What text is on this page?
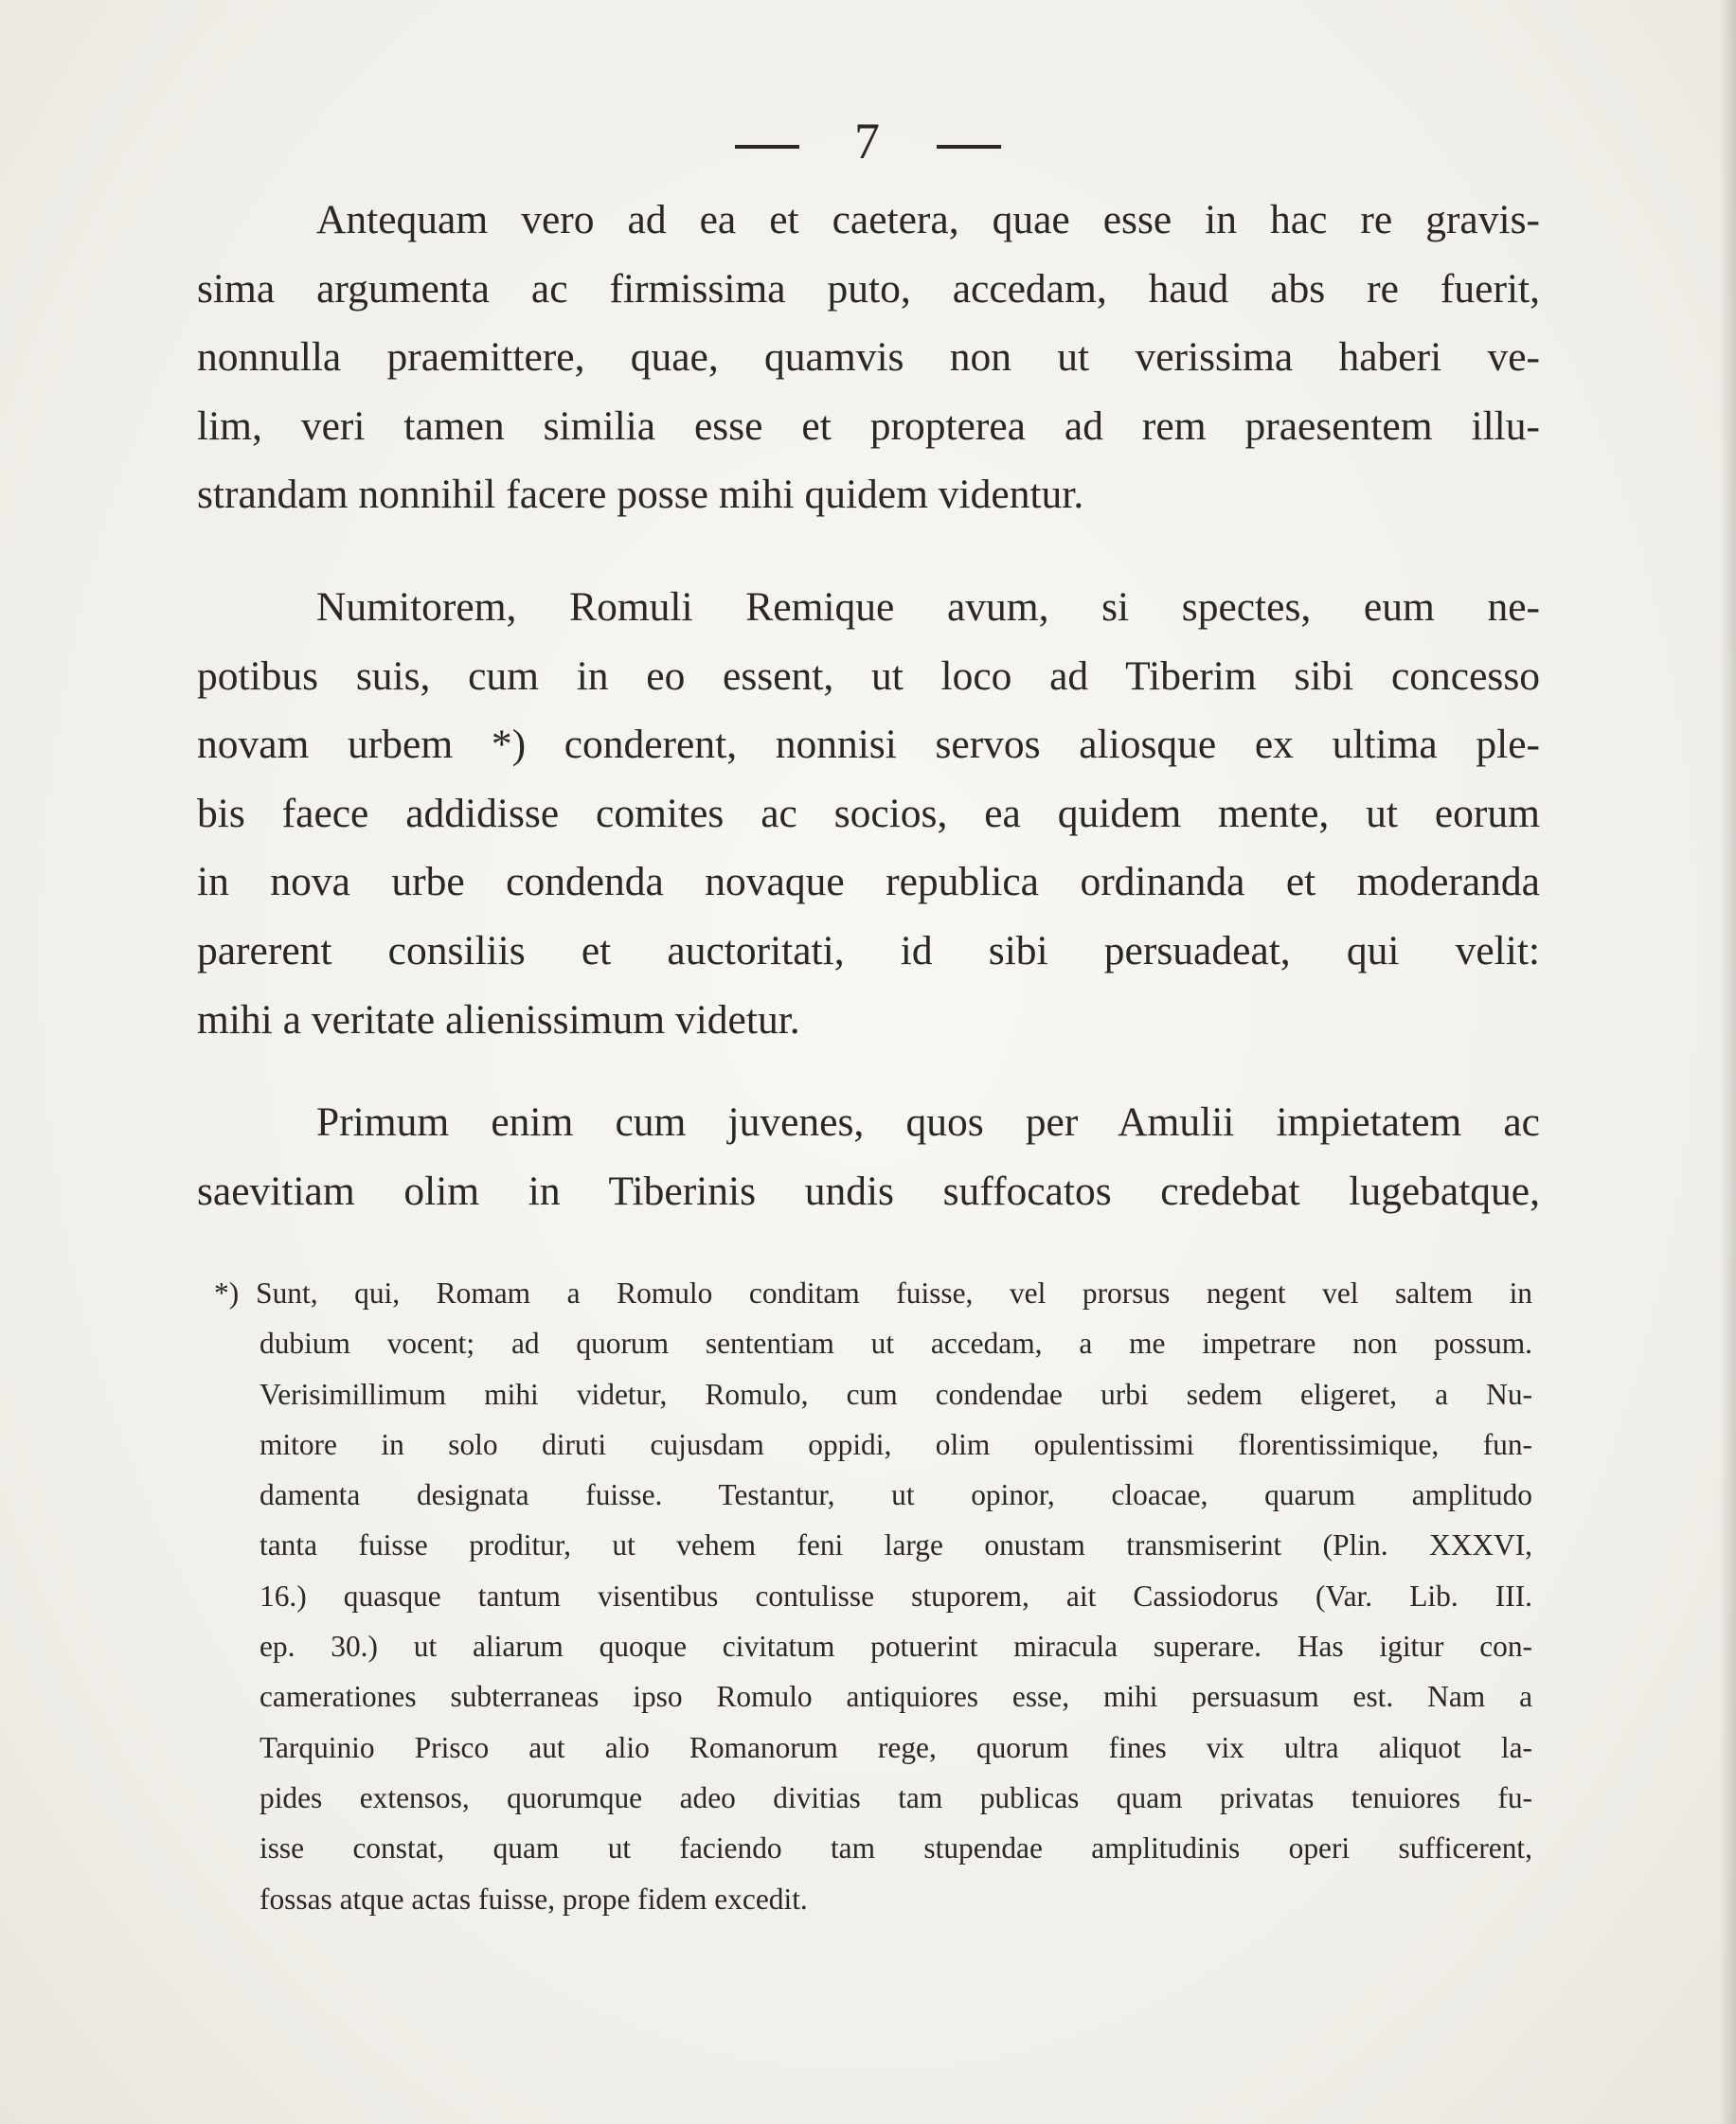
7
Antequam vero ad ea et caetera, quae esse in hac re gravis-
sima argumenta ac firmissima puto, accedam, haud abs re fuerit,
nonnulla praemittere, quae, quamvis non ut verissima haberi ve-
lim, veri tamen similia esse et propterea ad rem praesentem illu-
strandam nonnihil facere posse mihi quidem videntur.
Numitorem, Romuli Remique avum, si spectes, eum ne-
potibus suis, cum in eo essent, ut loco ad Tiberim sibi concesso
novam urbem *) conderent, nonnisi servos aliosque ex ultima ple-
bis faece addidisse comites ac socios, ea quidem mente, ut eorum
in nova urbe condenda novaque republica ordinanda et moderanda
parerent consiliis et auctoritati, id sibi persuadeat, qui velit:
mihi a veritate alienissimum videtur.
Primum enim cum juvenes, quos per Amulii impietatem ac
saevitiam olim in Tiberinis undis suffocatos credebat lugebatque,
*) Sunt, qui, Romam a Romulo conditam fuisse, vel prorsus negent vel saltem in
dubium vocent; ad quorum sententiam ut accedam, a me impetrare non possum.
Verisimillimum mihi videtur, Romulo, cum condendae urbi sedem eligeret, a Nu-
mitore in solo diruti cujusdam oppidi, olim opulentissimi florentissimique, fun-
damenta designata fuisse. Testantur, ut opinor, cloacae, quarum amplitudo
tanta fuisse proditur, ut vehem feni large onustam transmiserint (Plin. XXXVI,
16.) quasque tantum visentibus contulisse stuporem, ait Cassiodorus (Var. Lib. III.
ep. 30.) ut aliarum quoque civitatum potuerint miracula superare. Has igitur con-
camerationes subterraneas ipso Romulo antiquiores esse, mihi persuasum est. Nam a
Tarquinio Prisco aut alio Romanorum rege, quorum fines vix ultra aliquot la-
pides extensos, quorumque adeo divitias tam publicas quam privatas tenuiores fu-
isse constat, quam ut faciendo tam stupendae amplitudinis operi sufficerent,
fossas atque actas fuisse, prope fidem excedit.
